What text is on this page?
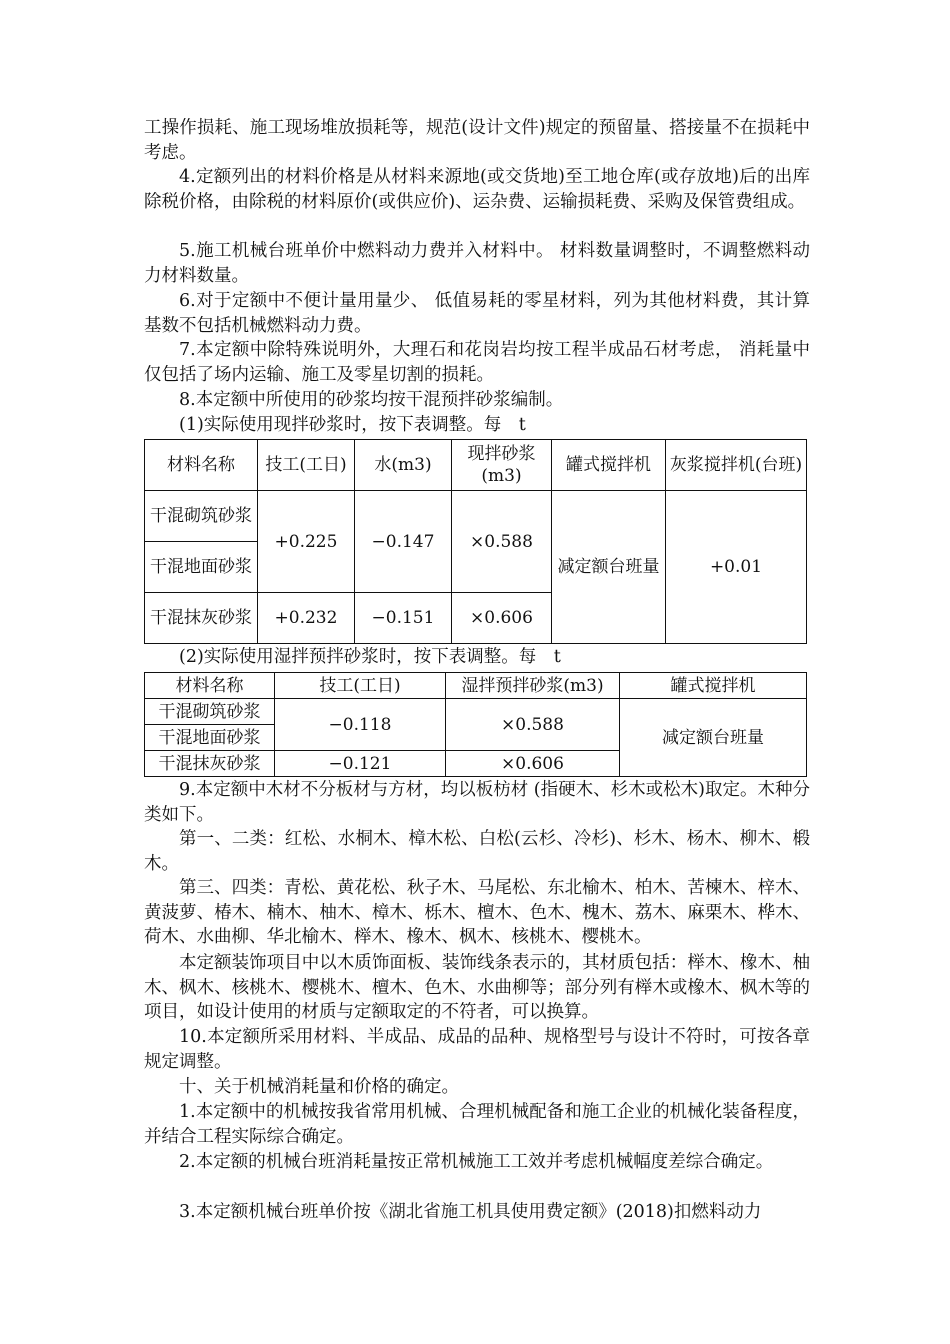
工操作损耗、施工现场堆放损耗等，规范(设计文件)规定的预留量、搭接量不在损耗中考虑。

4.定额列出的材料价格是从材料来源地(或交货地)至工地仓库(或存放地)后的出库除税价格，由除税的材料原价(或供应价)、运杂费、运输损耗费、采购及保管费组成。

5.施工机械台班单价中燃料动力费并入材料中。 材料数量调整时，不调整燃料动力材料数量。

6.对于定额中不便计量用量少、 低值易耗的零星材料，列为其他材料费，其计算基数不包括机械燃料动力费。

7.本定额中除特殊说明外，大理石和花岗岩均按工程半成品石材考虑， 消耗量中仅包括了场内运输、施工及零星切割的损耗。

8.本定额中所使用的砂浆均按干混预拌砂浆编制。

(1)实际使用现拌砂浆时，按下表调整。每　t

材料名称	技工(工日)	水(m3)	现拌砂浆(m3)	罐式搅拌机	灰浆搅拌机(台班)
干混砌筑砂浆	+0.225	−0.147	×0.588	减定额台班量	+0.01
干混地面砂浆					
干混抹灰砂浆	+0.232	−0.151	×0.606		

(2)实际使用湿拌预拌砂浆时，按下表调整。每　t

材料名称	技工(工日)	湿拌预拌砂浆(m3)	罐式搅拌机
干混砌筑砂浆	−0.118	×0.588	减定额台班量
干混地面砂浆			
干混抹灰砂浆	−0.121	×0.606	

9.本定额中木材不分板材与方材，均以板枋材 (指硬木、杉木或松木)取定。木种分类如下。

第一、二类：红松、水桐木、樟木松、白松(云杉、冷杉)、杉木、杨木、柳木、椴木。

第三、四类：青松、黄花松、秋子木、马尾松、东北榆木、柏木、苦楝木、梓木、黄菠萝、椿木、楠木、柚木、樟木、栎木、檀木、色木、槐木、荔木、麻栗木、桦木、荷木、水曲柳、华北榆木、榉木、橡木、枫木、核桃木、樱桃木。

本定额装饰项目中以木质饰面板、装饰线条表示的，其材质包括：榉木、橡木、柚木、枫木、核桃木、樱桃木、檀木、色木、水曲柳等；部分列有榉木或橡木、枫木等的项目，如设计使用的材质与定额取定的不符者，可以换算。

10.本定额所采用材料、半成品、成品的品种、规格型号与设计不符时，可按各章规定调整。

十、关于机械消耗量和价格的确定。

1.本定额中的机械按我省常用机械、合理机械配备和施工企业的机械化装备程度，并结合工程实际综合确定。

2.本定额的机械台班消耗量按正常机械施工工效并考虑机械幅度差综合确定。

3.本定额机械台班单价按《湖北省施工机具使用费定额》(2018)扣燃料动力
